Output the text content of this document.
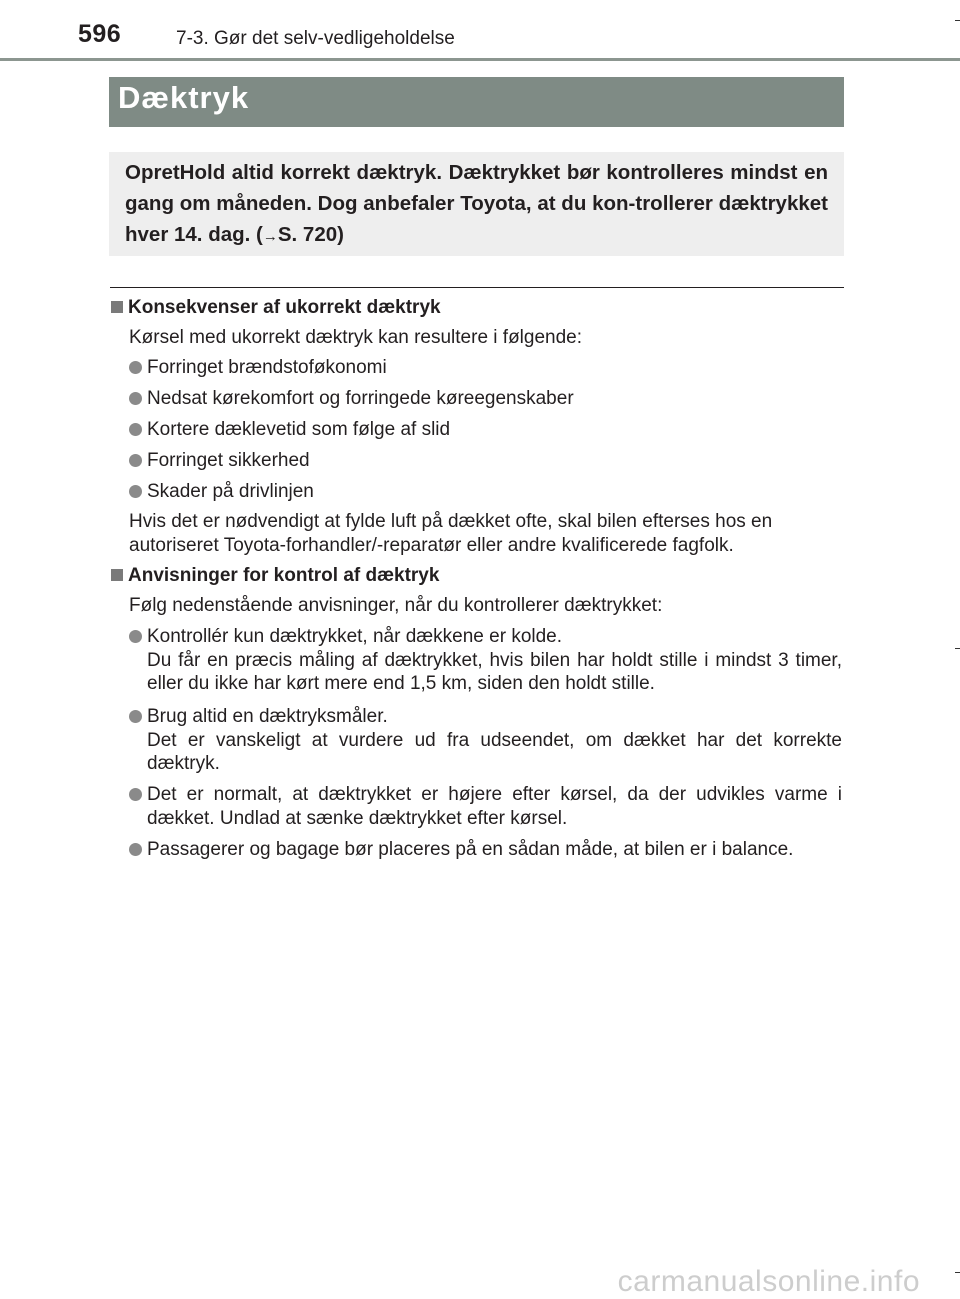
596	7-3. Gør det selv-vedligeholdelse
Dæktryk

OpretHold altid korrekt dæktryk. Dæktrykket bør kontrolleres mindst en gang om måneden. Dog anbefaler Toyota, at du kon-trollerer dæktrykket hver 14. dag. (→S. 720)

Konsekvenser af ukorrekt dæktryk

Kørsel med ukorrekt dæktryk kan resultere i følgende:

Forringet brændstoføkonomi
Nedsat kørekomfort og forringede køreegenskaber
Kortere dæklevetid som følge af slid
Forringet sikkerhed
Skader på drivlinjen

Hvis det er nødvendigt at fylde luft på dækket ofte, skal bilen efterses hos en autoriseret Toyota-forhandler/-reparatør eller andre kvalificerede fagfolk.

Anvisninger for kontrol af dæktryk

Følg nedenstående anvisninger, når du kontrollerer dæktrykket:

Kontrollér kun dæktrykket, når dækkene er kolde.
Du får en præcis måling af dæktrykket, hvis bilen har holdt stille i mindst 3 timer, eller du ikke har kørt mere end 1,5 km, siden den holdt stille.
Brug altid en dæktryksmåler.
Det er vanskeligt at vurdere ud fra udseendet, om dækket har det korrekte dæktryk.
Det er normalt, at dæktrykket er højere efter kørsel, da der udvikles varme i dækket. Undlad at sænke dæktrykket efter kørsel.
Passagerer og bagage bør placeres på en sådan måde, at bilen er i balance.
carmanualsonline.info
